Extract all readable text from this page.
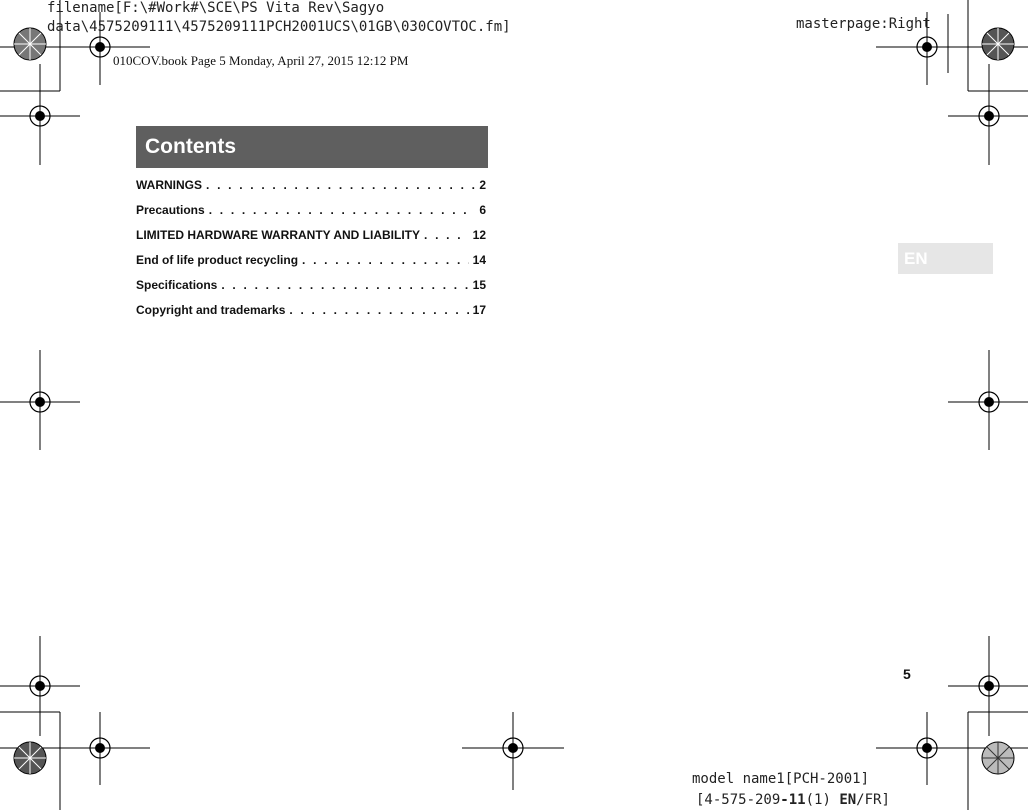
filename[F:\#Work#\SCE\PS Vita Rev\Sagyo
data\4575209111\4575209111PCH2001UCS\01GB\030COVTOC.fm]	masterpage:Right
010COV.book Page 5 Monday, April 27, 2015 12:12 PM
Contents
WARNINGS . . .	2
Precautions . . .	6
LIMITED HARDWARE WARRANTY AND LIABILITY . . .	12
End of life product recycling . . .	14
Specifications . . .	15
Copyright and trademarks . . .	17
EN
5
model name1[PCH-2001]
[4-575-209-11(1) EN/FR]
